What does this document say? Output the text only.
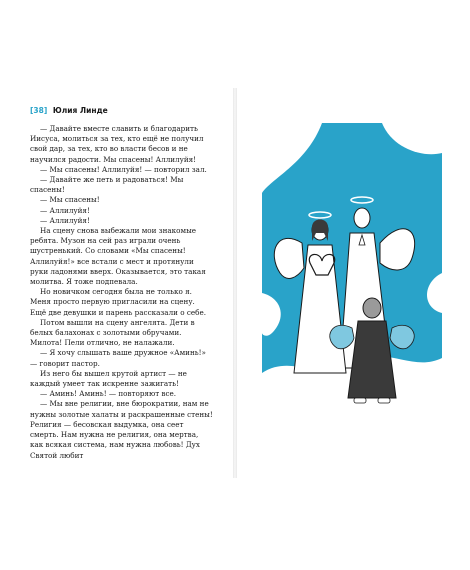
[38] Юлия Линде

— Давайте вместе славить и благодарить Иисуса, молиться за тех, кто ещё не получил свой дар, за тех, кто во власти бесов и не научился радости. Мы спасены! Аллилуйя!

— Мы спасены! Аллилуйя! — повторил зал.

— Давайте же петь и радоваться! Мы спасены!

— Мы спасены!

— Аллилуйя!

— Аллилуйя!

На сцену снова выбежали мои знакомые ребята. Музон на сей раз играли очень шустренький. Со словами «Мы спасены! Аллилуйя!» все встали с мест и протянули руки ладонями вверх. Оказывается, это такая молитва. Я тоже подпевала.

Но новичком сегодня была не только я. Меня просто первую пригласили на сцену. Ещё две девушки и парень рассказали о себе.

Потом вышли на сцену ангелята. Дети в белых балахонах с золотыми обручами. Милота! Пели отлично, не налажали.

— Я хочу слышать ваше дружное «Аминь!» — говорит пастор.

Из него бы вышел крутой артист — не каждый умеет так искренне зажигать!

— Аминь! Аминь! — повторяют все.

— Мы вне религии, вне бюрократии, нам не нужны золотые халаты и раскрашенные стены! Религия — бесовская выдумка, она сеет смерть. Нам нужна не религия, она мертва, как всякая система, нам нужна любовь! Дух Святой любит
